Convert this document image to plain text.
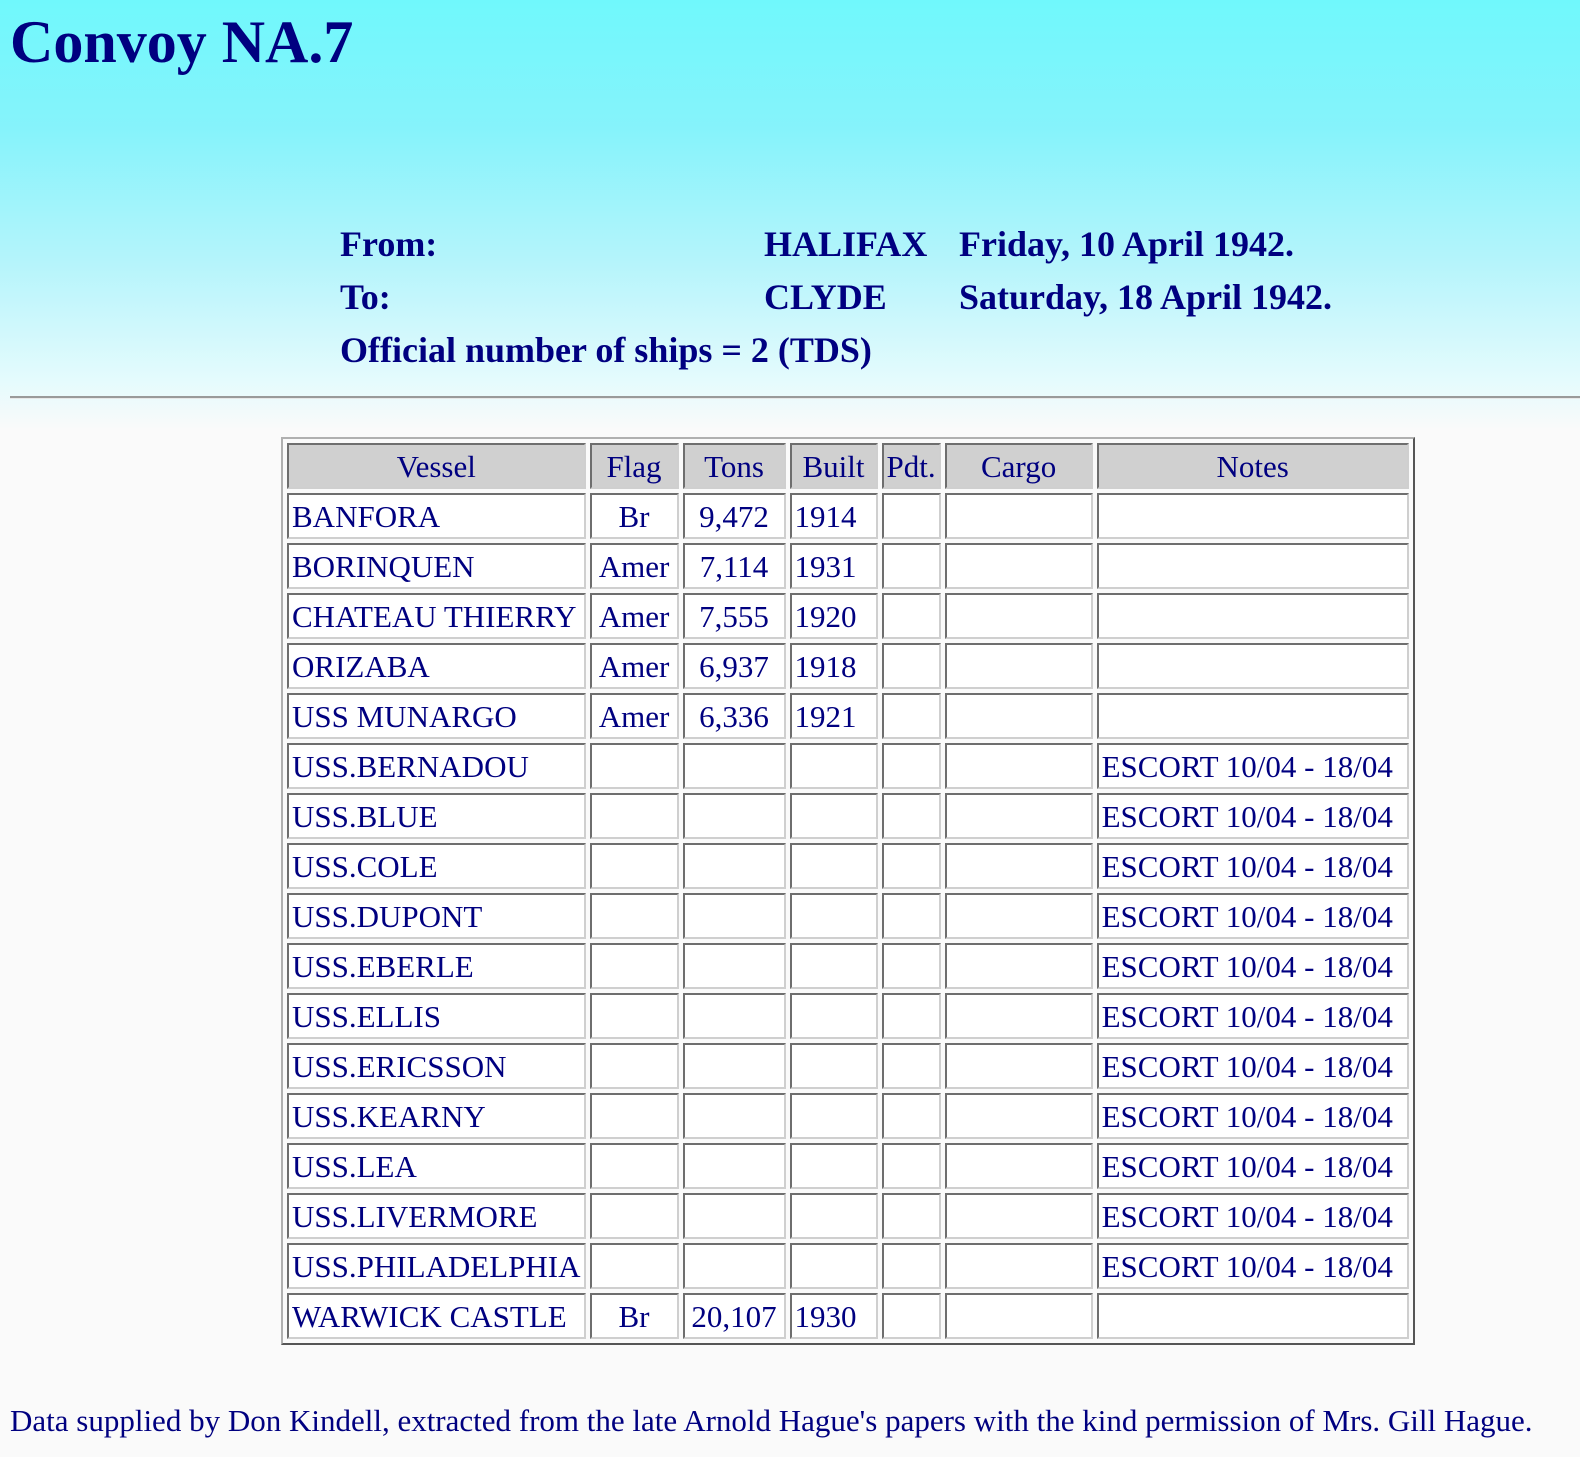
Convoy NA.7
From:	HALIFAX Friday, 10 April 1942.
To:	CLYDE Saturday, 18 April 1942.
Official number of ships = 2 (TDS)
Vessel	Flag	Tons	Built	Pdt.	Cargo	Notes
BANFORA	Br	9,472	1914			
BORINQUEN	Amer	7,114	1931			
CHATEAU THIERRY	Amer	7,555	1920			
ORIZABA	Amer	6,937	1918			
USS MUNARGO	Amer	6,336	1921			
USS.BERNADOU						ESCORT 10/04 - 18/04
USS.BLUE						ESCORT 10/04 - 18/04
USS.COLE						ESCORT 10/04 - 18/04
USS.DUPONT						ESCORT 10/04 - 18/04
USS.EBERLE						ESCORT 10/04 - 18/04
USS.ELLIS						ESCORT 10/04 - 18/04
USS.ERICSSON						ESCORT 10/04 - 18/04
USS.KEARNY						ESCORT 10/04 - 18/04
USS.LEA						ESCORT 10/04 - 18/04
USS.LIVERMORE						ESCORT 10/04 - 18/04
USS.PHILADELPHIA						ESCORT 10/04 - 18/04
WARWICK CASTLE	Br	20,107	1930			
Data supplied by Don Kindell, extracted from the late Arnold Hague's papers with the kind permission of Mrs. Gill Hague.
